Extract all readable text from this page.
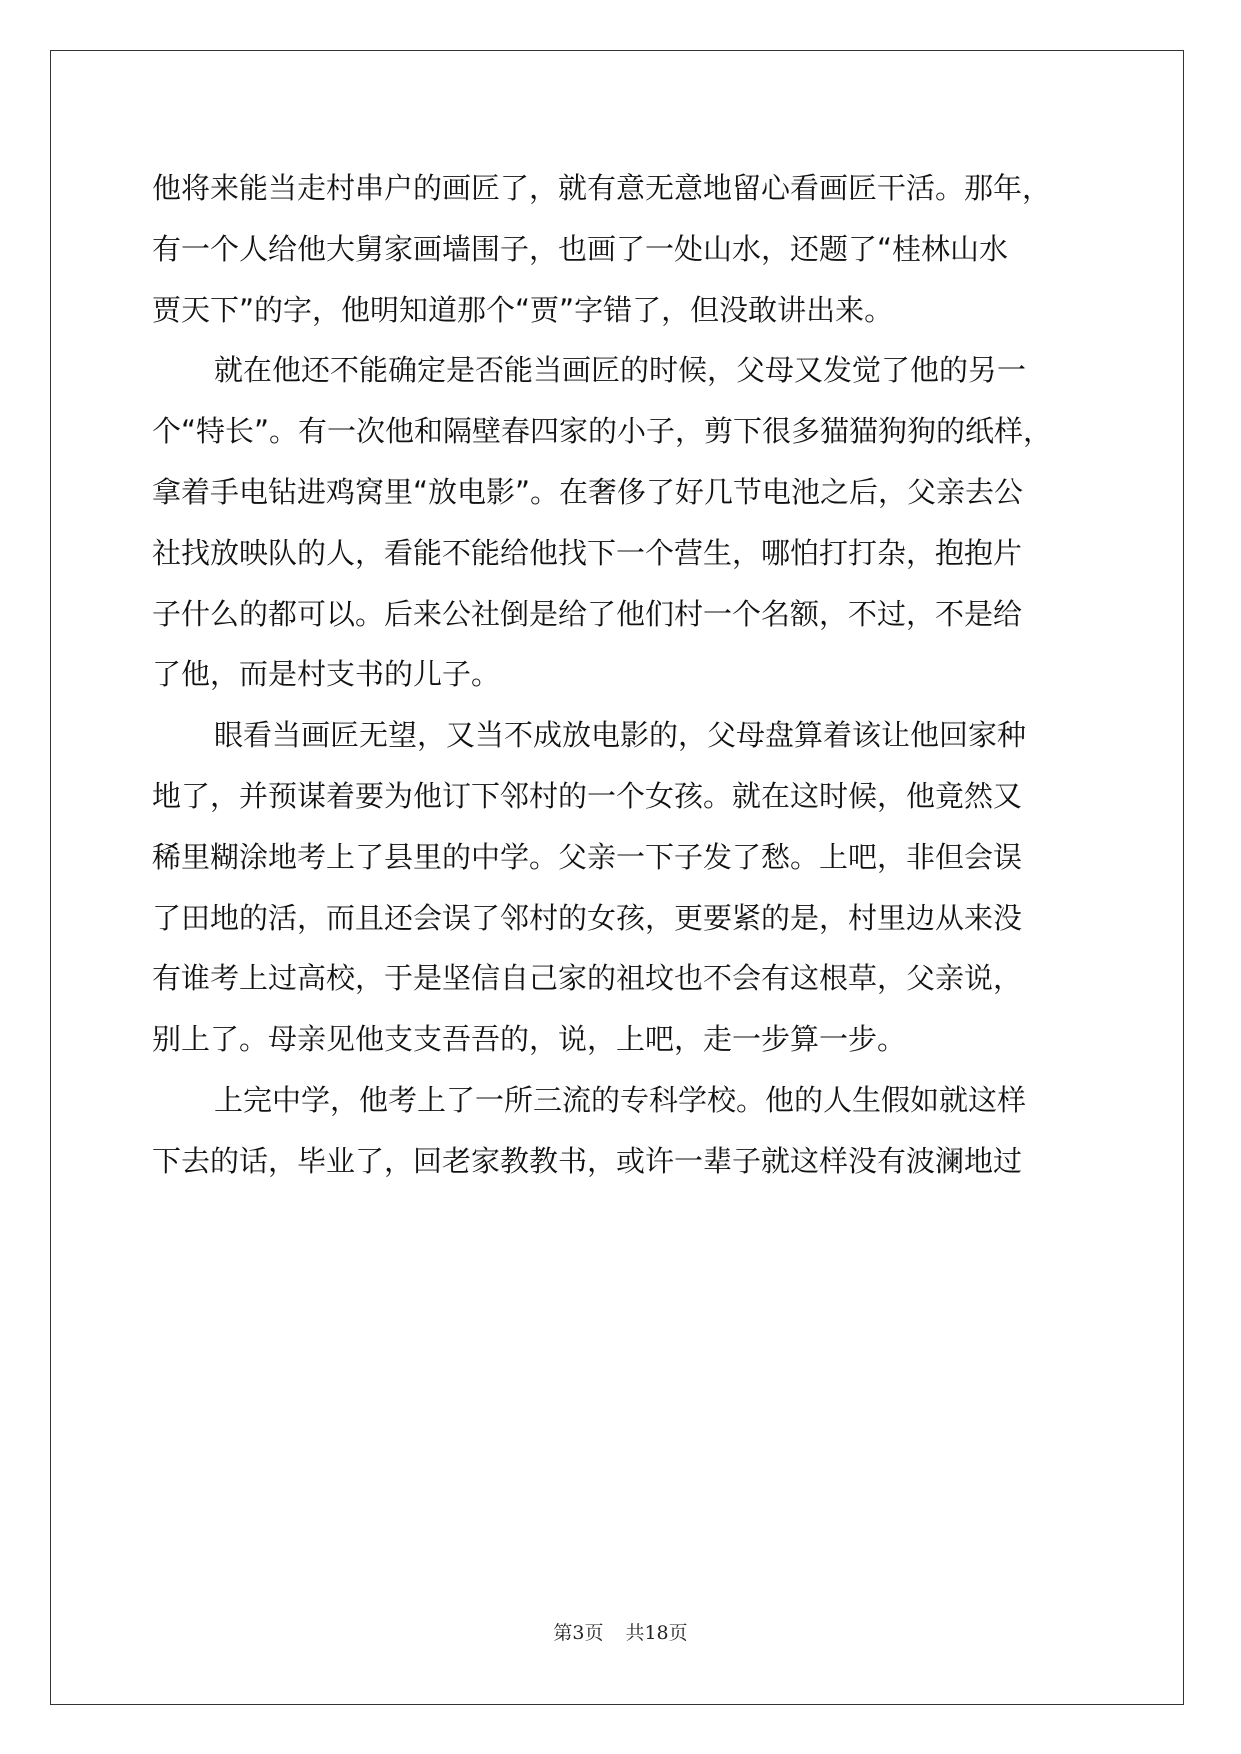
他将来能当走村串户的画匠了，就有意无意地留心看画匠干活。那年，
有一个人给他大舅家画墙围子，也画了一处山水，还题了“桂林山水
贾天下”的字，他明知道那个“贾”字错了，但没敢讲出来。
就在他还不能确定是否能当画匠的时候，父母又发觉了他的另一
个“特长”。有一次他和隔壁春四家的小子，剪下很多猫猫狗狗的纸样，
拿着手电钻进鸡窝里“放电影”。在奢侈了好几节电池之后，父亲去公
社找放映队的人，看能不能给他找下一个营生，哪怕打打杂，抱抱片
子什么的都可以。后来公社倒是给了他们村一个名额，不过，不是给
了他，而是村支书的儿子。
眼看当画匠无望，又当不成放电影的，父母盘算着该让他回家种
地了，并预谋着要为他订下邻村的一个女孩。就在这时候，他竟然又
稀里糊涂地考上了县里的中学。父亲一下子发了愁。上吧，非但会误
了田地的活，而且还会误了邻村的女孩，更要紧的是，村里边从来没
有谁考上过高校，于是坚信自己家的祖坟也不会有这根草，父亲说，
别上了。母亲见他支支吾吾的，说，上吧，走一步算一步。
上完中学，他考上了一所三流的专科学校。他的人生假如就这样
下去的话，毕业了，回老家教教书，或许一辈子就这样没有波澜地过
第3页 共18页
